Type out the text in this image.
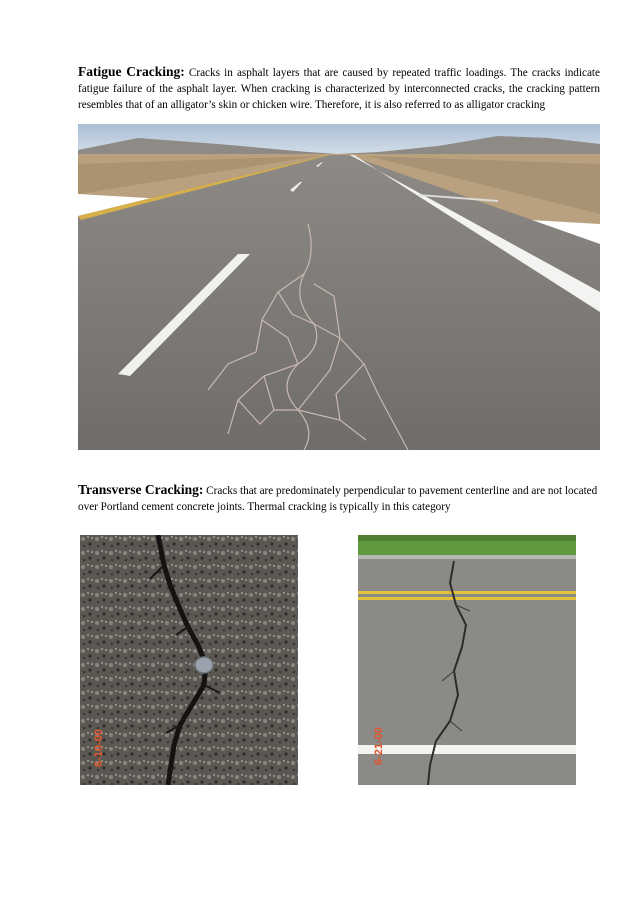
Fatigue Cracking: Cracks in asphalt layers that are caused by repeated traffic loadings. The cracks indicate fatigue failure of the asphalt layer. When cracking is characterized by interconnected cracks, the cracking pattern resembles that of an alligator’s skin or chicken wire. Therefore, it is also referred to as alligator cracking

Transverse Cracking: Cracks that are predominately perpendicular to pavement centerline and are not located over Portland cement concrete joints. Thermal cracking is typically in this category

6-10-00	6-21-00
